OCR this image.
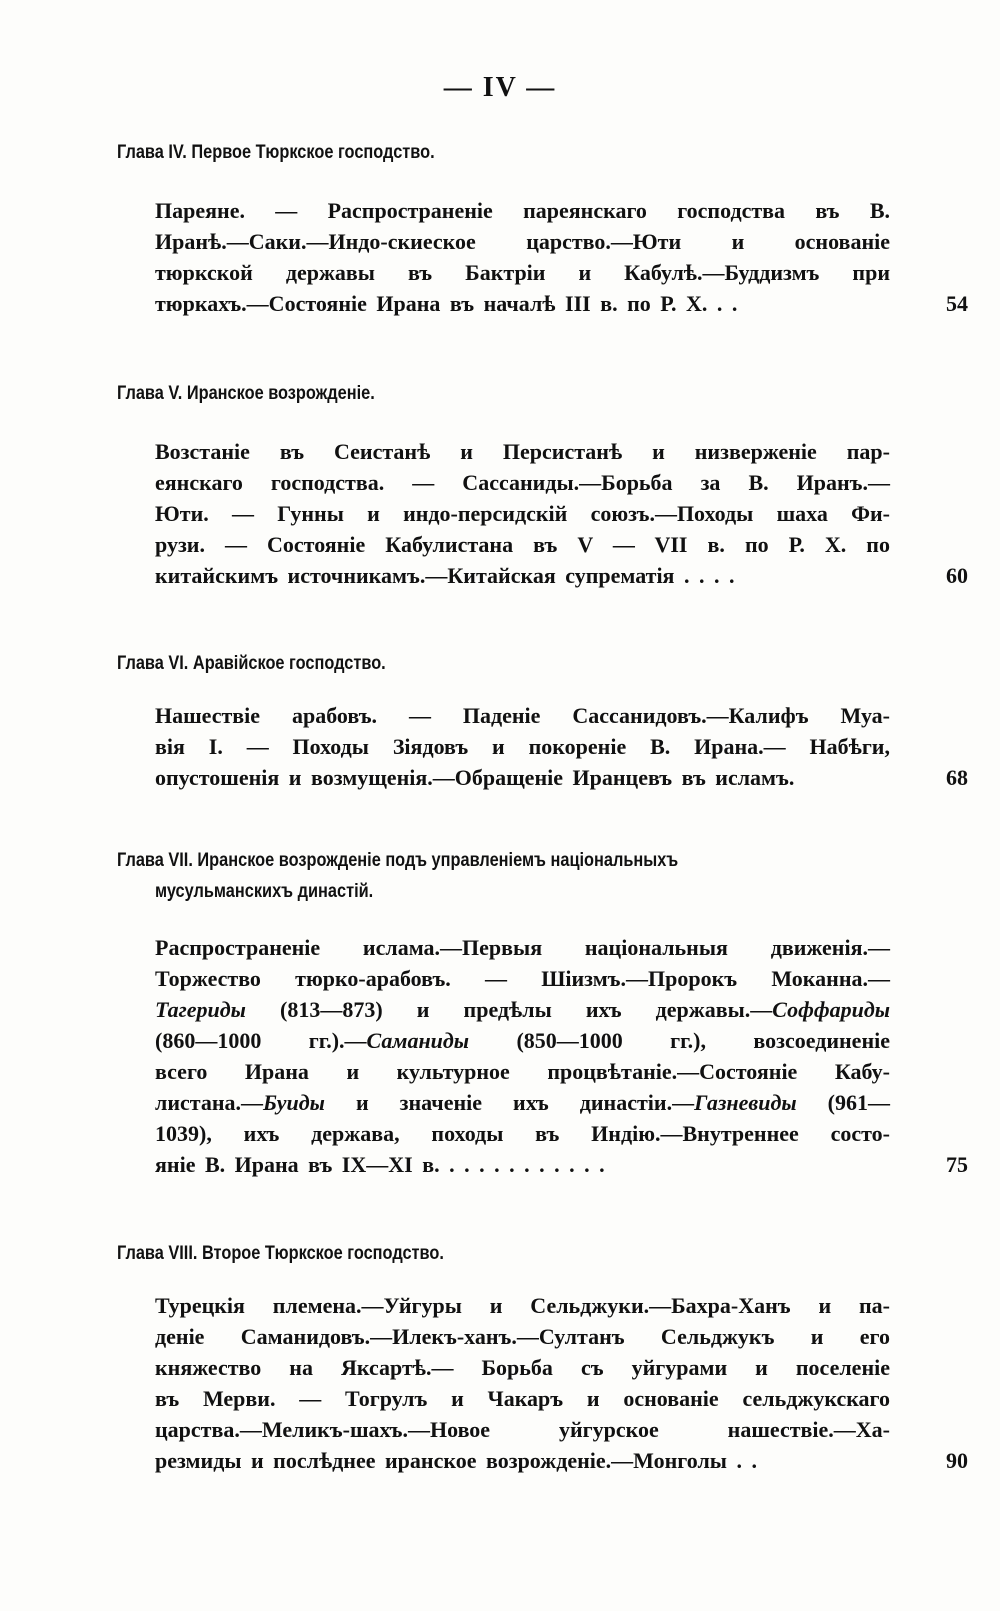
— IV —
Глава IV. Первое Тюркское господство.
Пареяне. — Распространеніе пареянскаго господства въ В.
Иранѣ.—Саки.—Индо-скиеское царство.—Юти и основаніе
тюркской державы въ Бактріи и Кабулѣ.—Буддизмъ при
тюркахъ.—Состояніе Ирана въ началѣ III в. по Р. Х. . .	54
Глава V. Иранское возрожденіе.
Возстаніе въ Сеистанѣ и Персистанѣ и низверженіе пар-
еянскаго господства. — Сассаниды.—Борьба за В. Иранъ.—
Юти. — Гунны и индо-персидскій союзъ.—Походы шаха Фи-
рузи. — Состояніе Кабулистана въ V — VII в. по Р. Х. по
китайскимъ источникамъ.—Китайская супрематія . . . .	60
Глава VI. Аравійское господство.
Нашествіе арабовъ. — Паденіе Сассанидовъ.—Калифъ Муа-
вія I. — Походы Зіядовъ и покореніе В. Ирана.— Набѣги,
опустошенія и возмущенія.—Обращеніе Иранцевъ въ исламъ.	68
Глава VII. Иранское возрожденіе подъ управленіемъ національныхъ
мусульманскихъ династій.
Распространеніе ислама.—Первыя національныя движенія.—
Торжество тюрко-арабовъ. — Шіизмъ.—Пророкъ Моканна.—
Тагериды (813—873) и предѣлы ихъ державы.—Соффариды
(860—1000 гг.).—Саманиды (850—1000 гг.), возсоединеніе
всего Ирана и культурное процвѣтаніе.—Состояніе Кабу-
листана.—Буиды и значеніе ихъ династіи.—Газневиды (961—
1039), ихъ держава, походы въ Индію.—Внутреннее состо-
яніе В. Ирана въ IX—XI в. . . . . . . . . . . .	75
Глава VIII. Второе Тюркское господство.
Турецкія племена.—Уйгуры и Сельджуки.—Бахра-Ханъ и па-
деніе Саманидовъ.—Илекъ-ханъ.—Султанъ Сельджукъ и его
княжество на Яксартѣ.— Борьба съ уйгурами и поселеніе
въ Мерви. — Тогрулъ и Чакаръ и основаніе сельджукскаго
царства.—Меликъ-шахъ.—Новое уйгурское нашествіе.—Ха-
резмиды и послѣднее иранское возрожденіе.—Монголы . .	90
